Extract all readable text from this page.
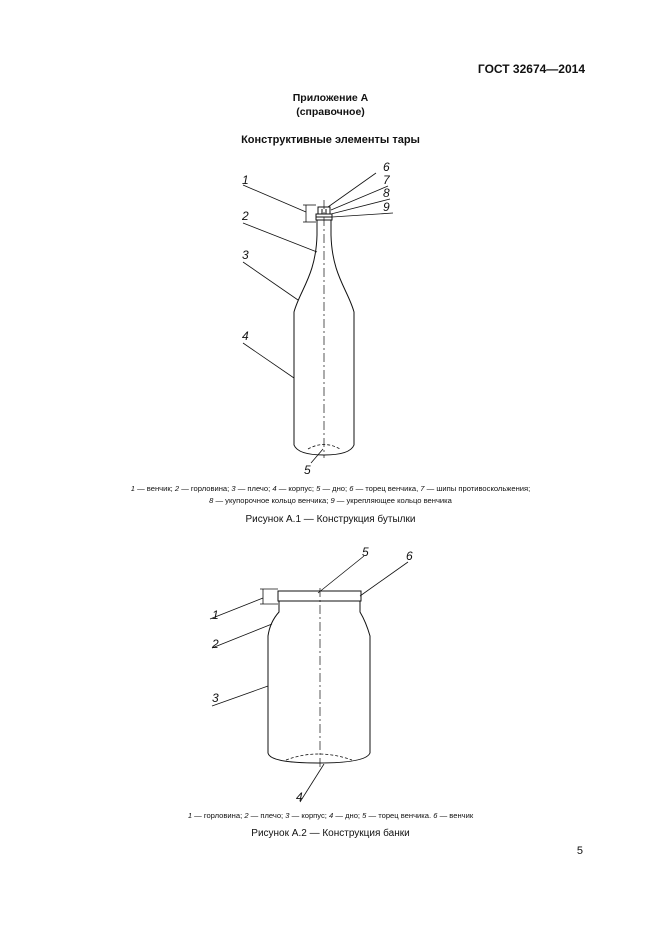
ГОСТ 32674—2014
Приложение А
(справочное)
Конструктивные элементы тары
1
2
3
4
5
6
7
8
9
1 — венчик; 2 — горловина; 3 — плечо; 4 — корпус; 5 — дно; 6 — торец венчика, 7 — шипы противоскольжения;
8 — укупорочное кольцо венчика; 9 — укрепляющее кольцо венчика
Рисунок А.1 — Конструкция бутылки
1
2
3
4
5	6
1 — горловина; 2 — плечо; 3 — корпус; 4 — дно; 5 — торец венчика. 6 — венчик
Рисунок А.2 — Конструкция банки
5
